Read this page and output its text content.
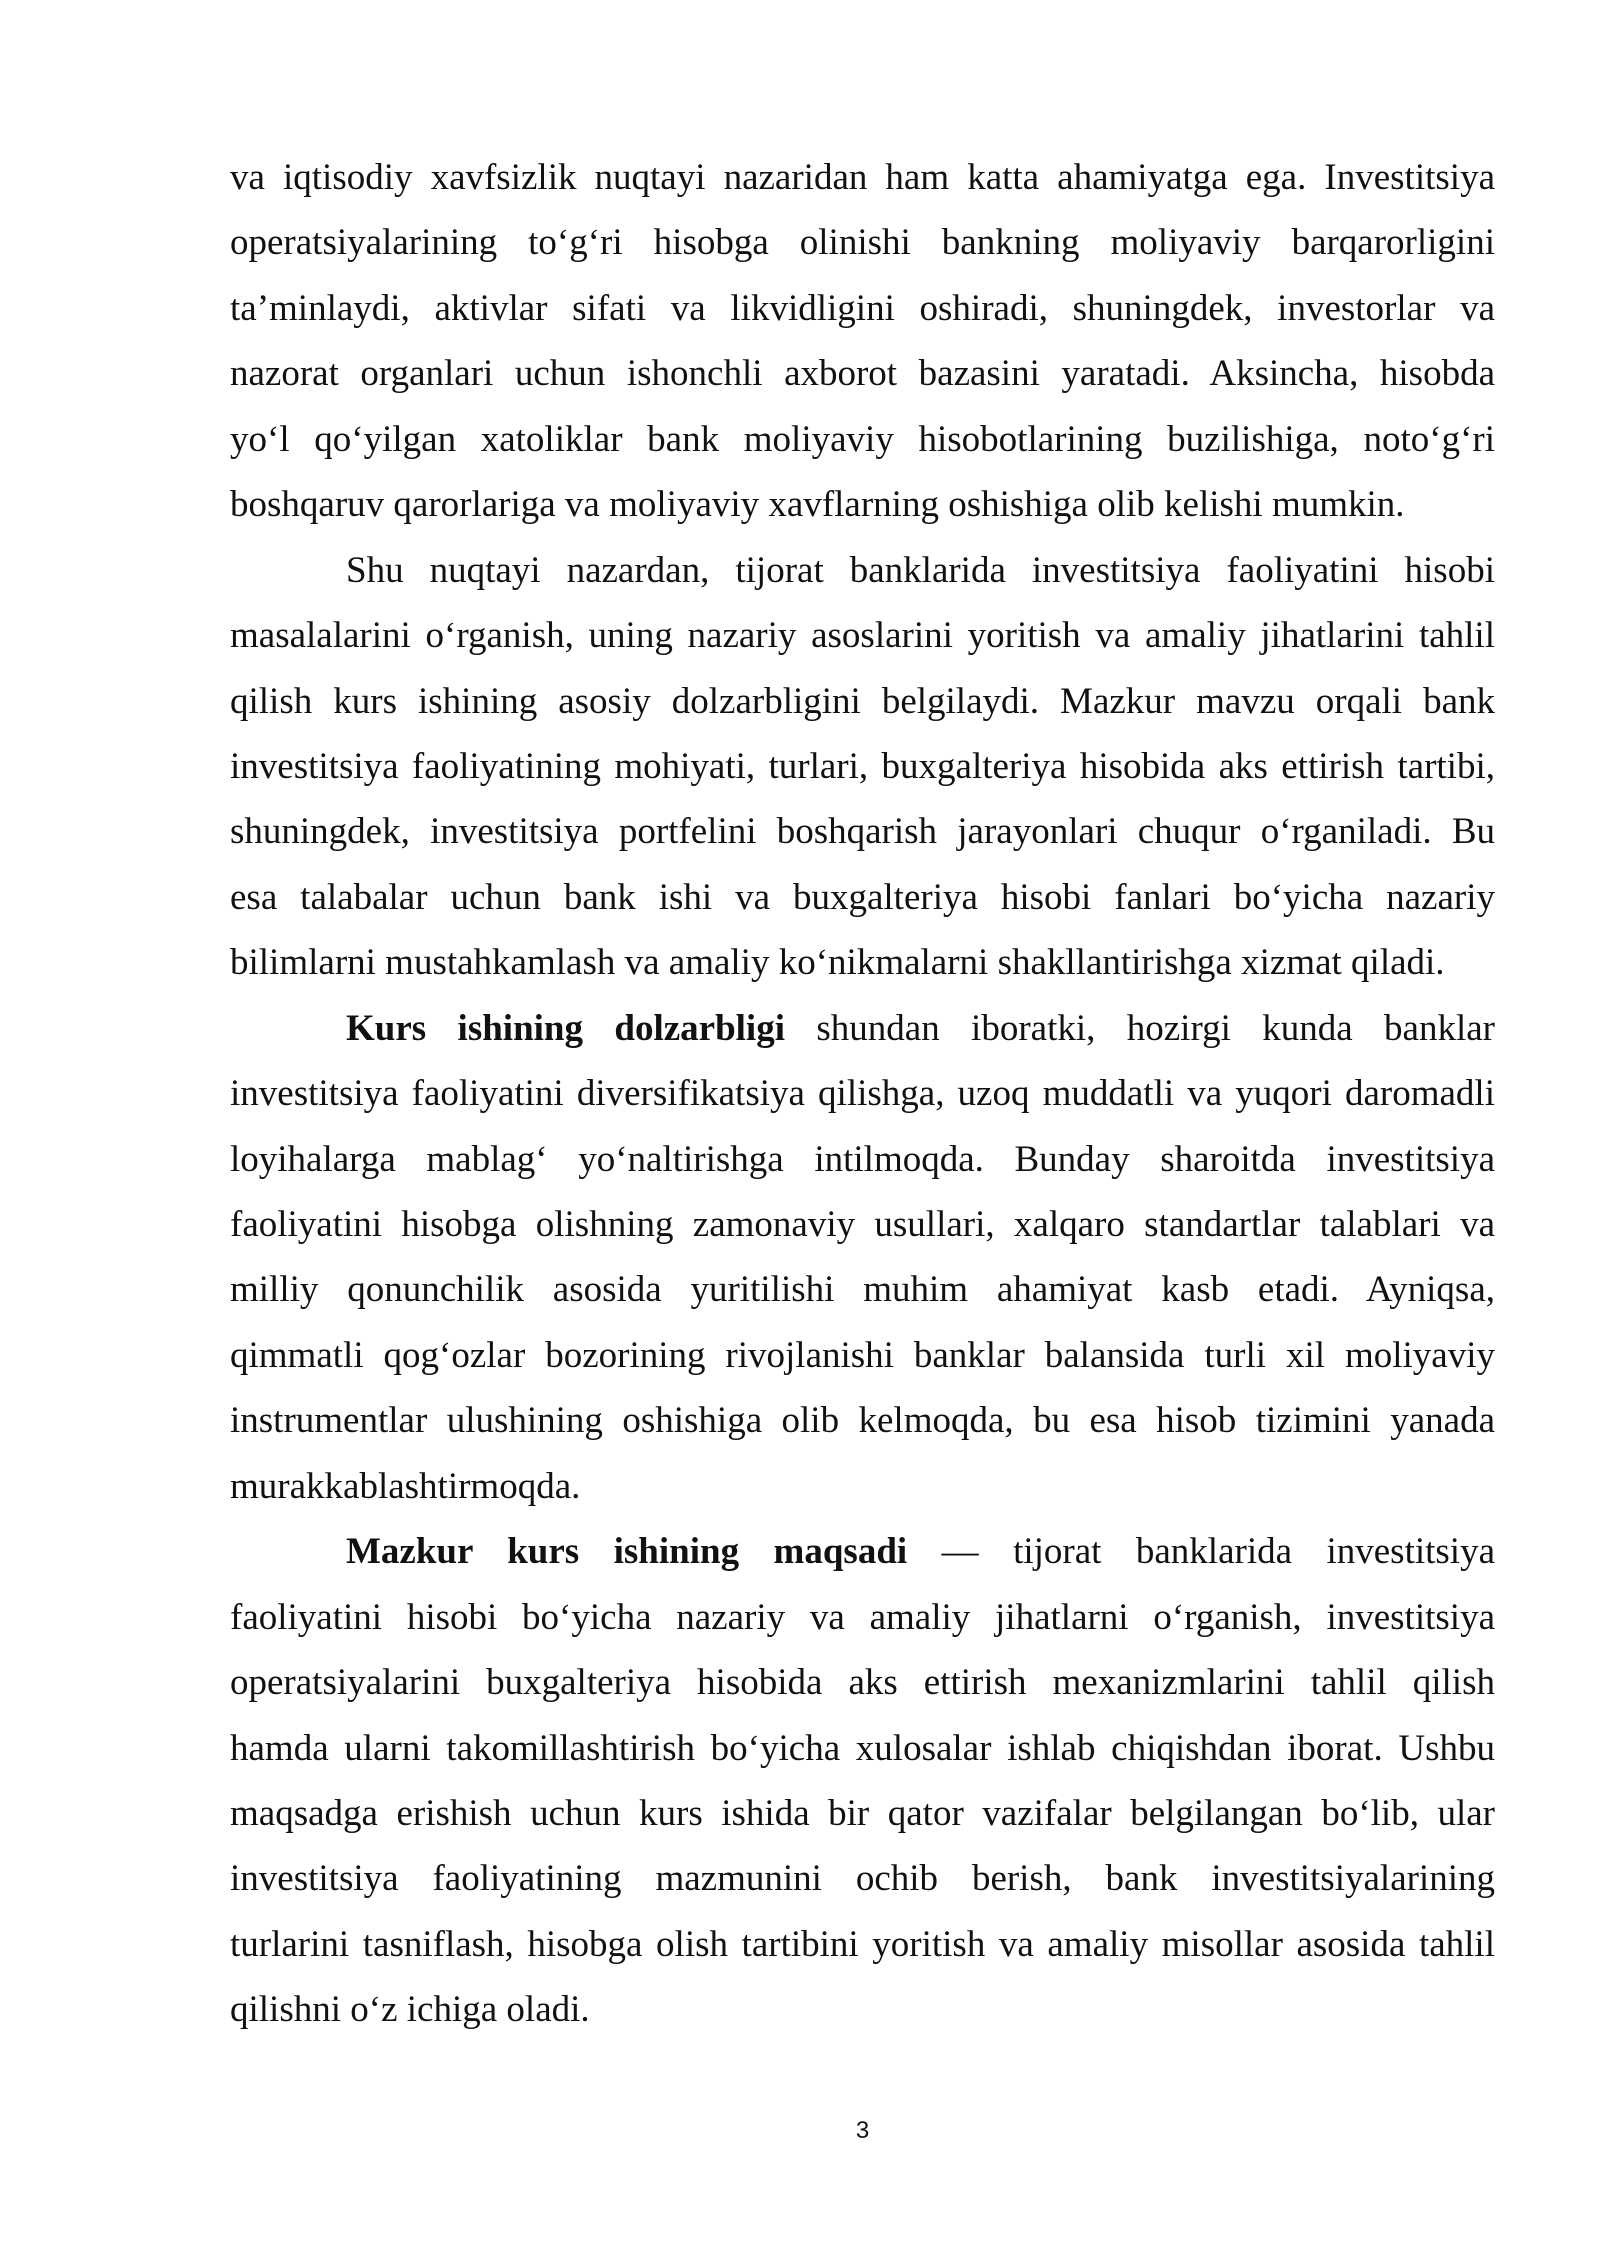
va iqtisodiy xavfsizlik nuqtayi nazaridan ham katta ahamiyatga ega. Investitsiya
operatsiyalarining to‘g‘ri hisobga olinishi bankning moliyaviy barqarorligini
ta’minlaydi, aktivlar sifati va likvidligini oshiradi, shuningdek, investorlar va
nazorat organlari uchun ishonchli axborot bazasini yaratadi. Aksincha, hisobda
yo‘l qo‘yilgan xatoliklar bank moliyaviy hisobotlarining buzilishiga, noto‘g‘ri
boshqaruv qarorlariga va moliyaviy xavflarning oshishiga olib kelishi mumkin.
Shu nuqtayi nazardan, tijorat banklarida investitsiya faoliyatini hisobi
masalalarini o‘rganish, uning nazariy asoslarini yoritish va amaliy jihatlarini tahlil
qilish kurs ishining asosiy dolzarbligini belgilaydi. Mazkur mavzu orqali bank
investitsiya faoliyatining mohiyati, turlari, buxgalteriya hisobida aks ettirish tartibi,
shuningdek, investitsiya portfelini boshqarish jarayonlari chuqur o‘rganiladi. Bu
esa talabalar uchun bank ishi va buxgalteriya hisobi fanlari bo‘yicha nazariy
bilimlarni mustahkamlash va amaliy ko‘nikmalarni shakllantirishga xizmat qiladi.
Kurs ishining dolzarbligi shundan iboratki, hozirgi kunda banklar
investitsiya faoliyatini diversifikatsiya qilishga, uzoq muddatli va yuqori daromadli
loyihalarga mablag‘ yo‘naltirishga intilmoqda. Bunday sharoitda investitsiya
faoliyatini hisobga olishning zamonaviy usullari, xalqaro standartlar talablari va
milliy qonunchilik asosida yuritilishi muhim ahamiyat kasb etadi. Ayniqsa,
qimmatli qog‘ozlar bozorining rivojlanishi banklar balansida turli xil moliyaviy
instrumentlar ulushining oshishiga olib kelmoqda, bu esa hisob tizimini yanada
murakkablashtirmoqda.
Mazkur kurs ishining maqsadi — tijorat banklarida investitsiya
faoliyatini hisobi bo‘yicha nazariy va amaliy jihatlarni o‘rganish, investitsiya
operatsiyalarini buxgalteriya hisobida aks ettirish mexanizmlarini tahlil qilish
hamda ularni takomillashtirish bo‘yicha xulosalar ishlab chiqishdan iborat. Ushbu
maqsadga erishish uchun kurs ishida bir qator vazifalar belgilangan bo‘lib, ular
investitsiya faoliyatining mazmunini ochib berish, bank investitsiyalarining
turlarini tasniflash, hisobga olish tartibini yoritish va amaliy misollar asosida tahlil
qilishni o‘z ichiga oladi.
3
